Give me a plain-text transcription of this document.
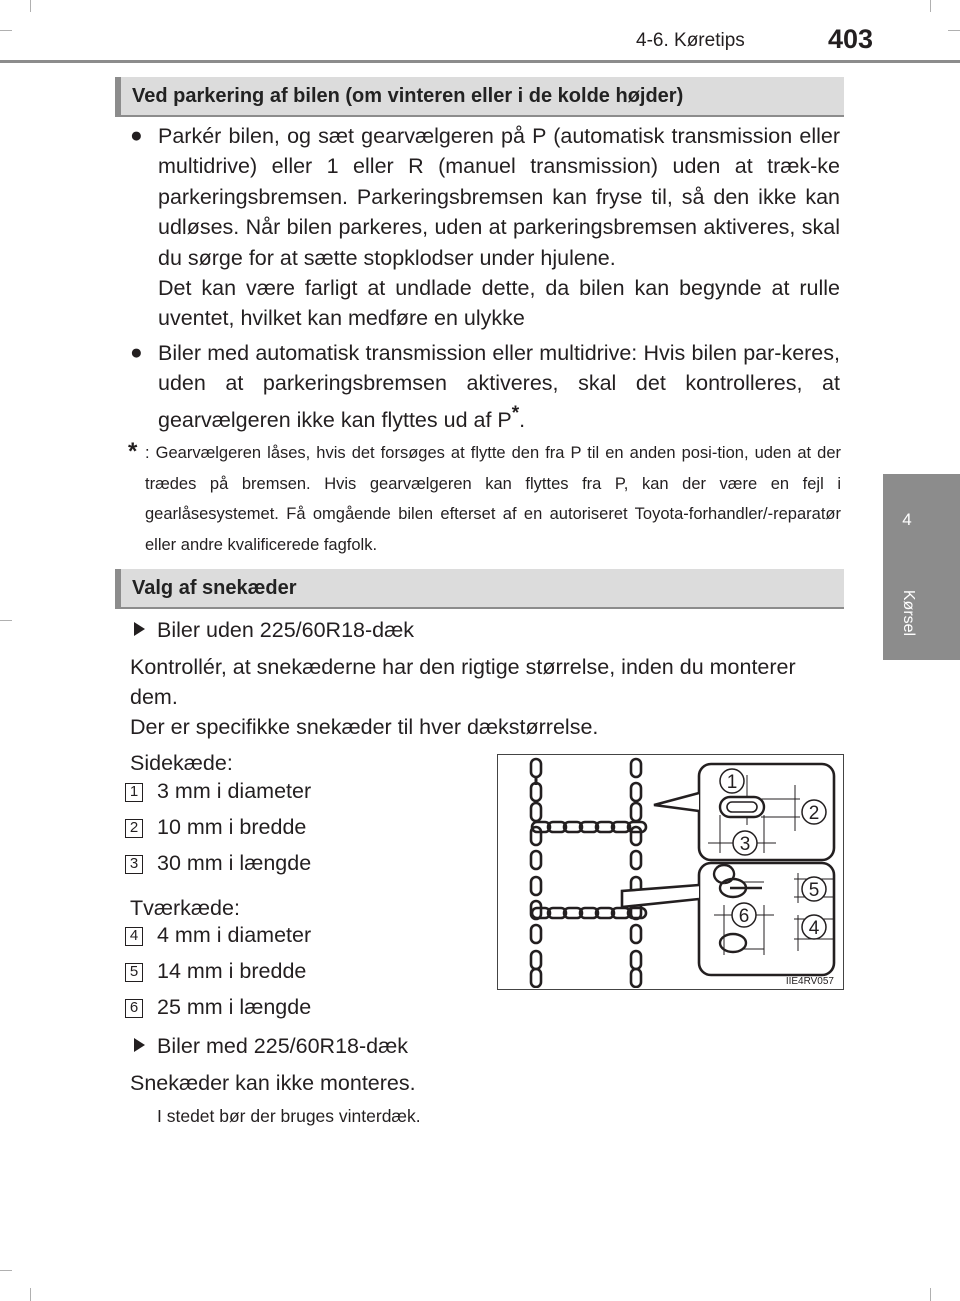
4-6. Køretips	403
4
Kørsel
Ved parkering af bilen (om vinteren eller i de kolde højder)
● Parkér bilen, og sæt gearvælgeren på P (automatisk transmission eller multidrive) eller 1 eller R (manuel transmission) uden at træk-ke parkeringsbremsen. Parkeringsbremsen kan fryse til, så den ikke kan udløses. Når bilen parkeres, uden at parkeringsbremsen aktiveres, skal du sørge for at sætte stopklodser under hjulene.
Det kan være farligt at undlade dette, da bilen kan begynde at rulle uventet, hvilket kan medføre en ulykke
● Biler med automatisk transmission eller multidrive: Hvis bilen par-keres, uden at parkeringsbremsen aktiveres, skal det kontrolleres, at gearvælgeren ikke kan flyttes ud af P*.
* : Gearvælgeren låses, hvis det forsøges at flytte den fra P til en anden posi-tion, uden at der trædes på bremsen. Hvis gearvælgeren kan flyttes fra P, kan der være en fejl i gearlåsesystemet. Få omgående bilen efterset af en autoriseret Toyota-forhandler/-reparatør eller andre kvalificerede fagfolk.
Valg af snekæder
Biler uden 225/60R18-dæk
Kontrollér, at snekæderne har den rigtige størrelse, inden du monterer dem.
Der er specifikke snekæder til hver dækstørrelse.
Sidekæde:
1 3 mm i diameter
2 10 mm i bredde
3 30 mm i længde
Tværkæde:
4 4 mm i diameter
5 14 mm i bredde
6 25 mm i længde
Biler med 225/60R18-dæk
Snekæder kan ikke monteres.
I stedet bør der bruges vinterdæk.
1
2
3
4
5
6
IIE4RV057
